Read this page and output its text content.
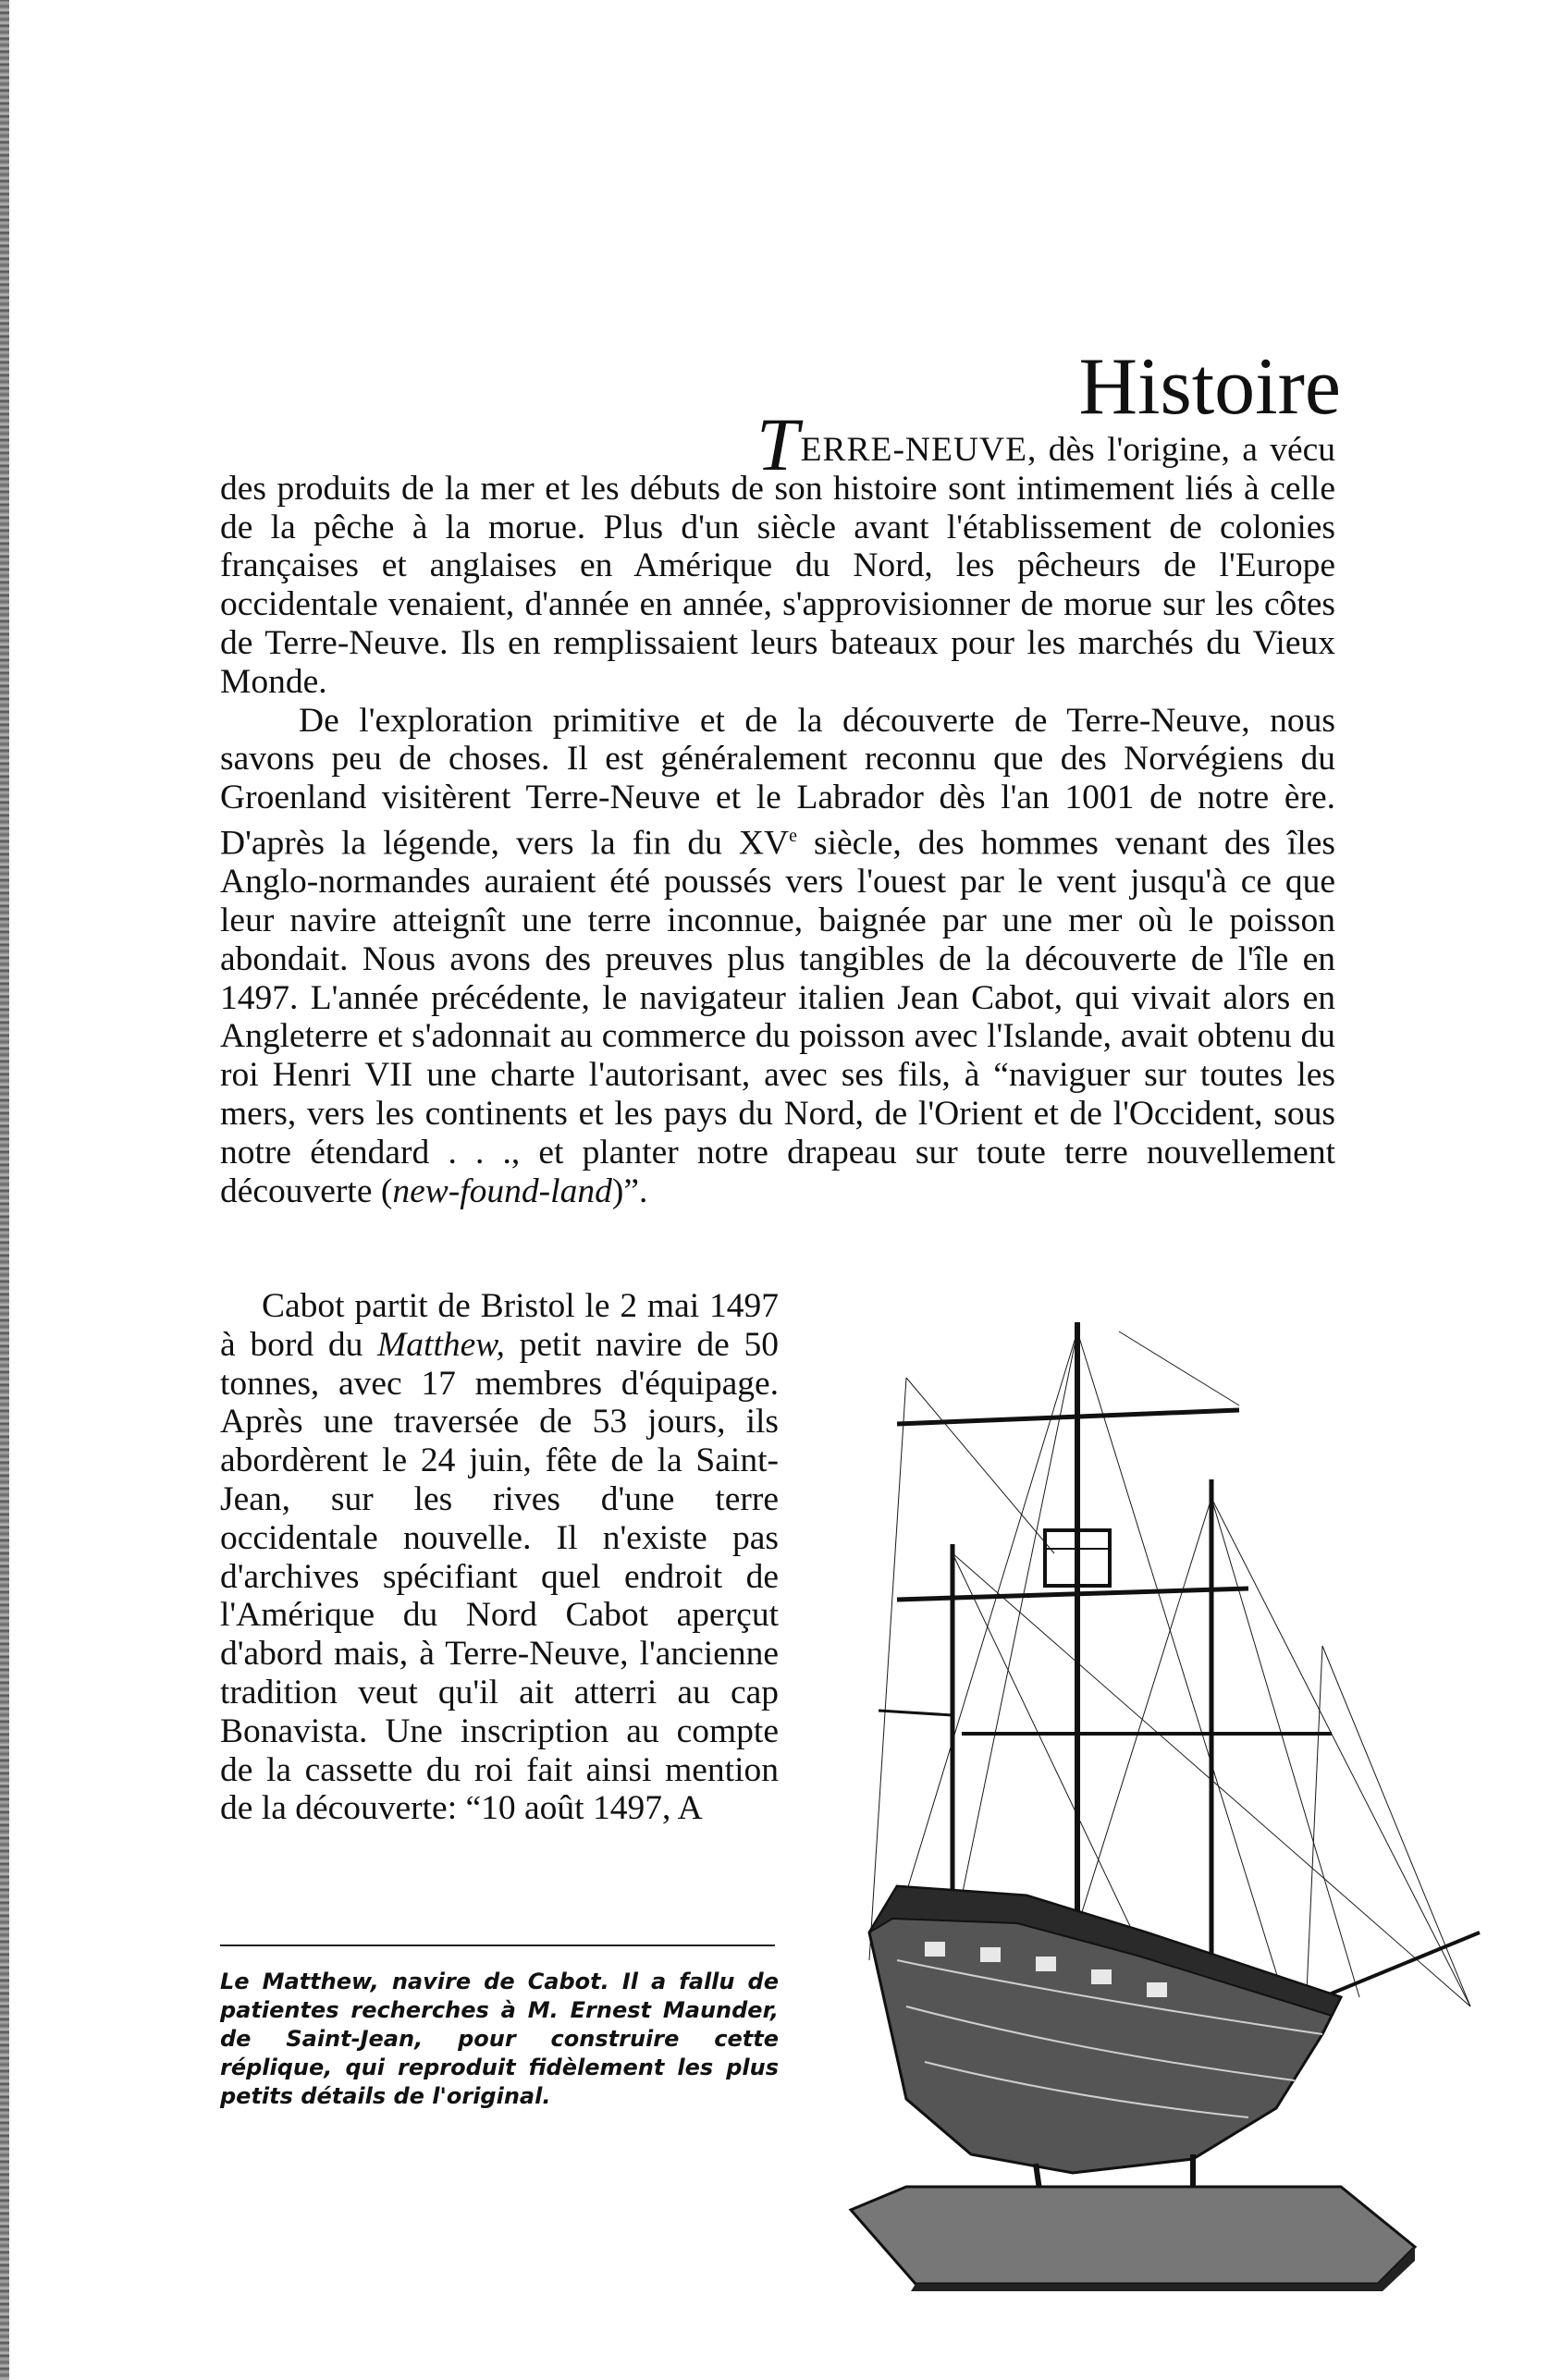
Histoire

TERRE-NEUVE, dès l'origine, a vécu des produits de la mer et les débuts de son histoire sont intimement liés à celle de la pêche à la morue. Plus d'un siècle avant l'établissement de colonies françaises et anglaises en Amérique du Nord, les pêcheurs de l'Europe occidentale venaient, d'année en année, s'approvisionner de morue sur les côtes de Terre-Neuve. Ils en remplissaient leurs bateaux pour les marchés du Vieux Monde.

De l'exploration primitive et de la découverte de Terre-Neuve, nous savons peu de choses. Il est généralement reconnu que des Norvégiens du Groenland visitèrent Terre-Neuve et le Labrador dès l'an 1001 de notre ère. D'après la légende, vers la fin du XVe siècle, des hommes venant des îles Anglo-normandes auraient été poussés vers l'ouest par le vent jusqu'à ce que leur navire atteignît une terre inconnue, baignée par une mer où le poisson abondait. Nous avons des preuves plus tangibles de la découverte de l'île en 1497. L'année précédente, le navigateur italien Jean Cabot, qui vivait alors en Angleterre et s'adonnait au commerce du poisson avec l'Islande, avait obtenu du roi Henri VII une charte l'autorisant, avec ses fils, à “naviguer sur toutes les mers, vers les continents et les pays du Nord, de l'Orient et de l'Occident, sous notre étendard . . ., et planter notre drapeau sur toute terre nouvellement découverte (new-found-land)”.

Cabot partit de Bristol le 2 mai 1497 à bord du Matthew, petit navire de 50 tonnes, avec 17 membres d'équipage. Après une traversée de 53 jours, ils abordèrent le 24 juin, fête de la Saint-Jean, sur les rives d'une terre occidentale nouvelle. Il n'existe pas d'archives spécifiant quel endroit de l'Amérique du Nord Cabot aperçut d'abord mais, à Terre-Neuve, l'ancienne tradition veut qu'il ait atterri au cap Bonavista. Une inscription au compte de la cassette du roi fait ainsi mention de la découverte: “10 août 1497, A

Le Matthew, navire de Cabot. Il a fallu de patientes recherches à M. Ernest Maunder, de Saint-Jean, pour construire cette réplique, qui reproduit fidèlement les plus petits détails de l'original.
